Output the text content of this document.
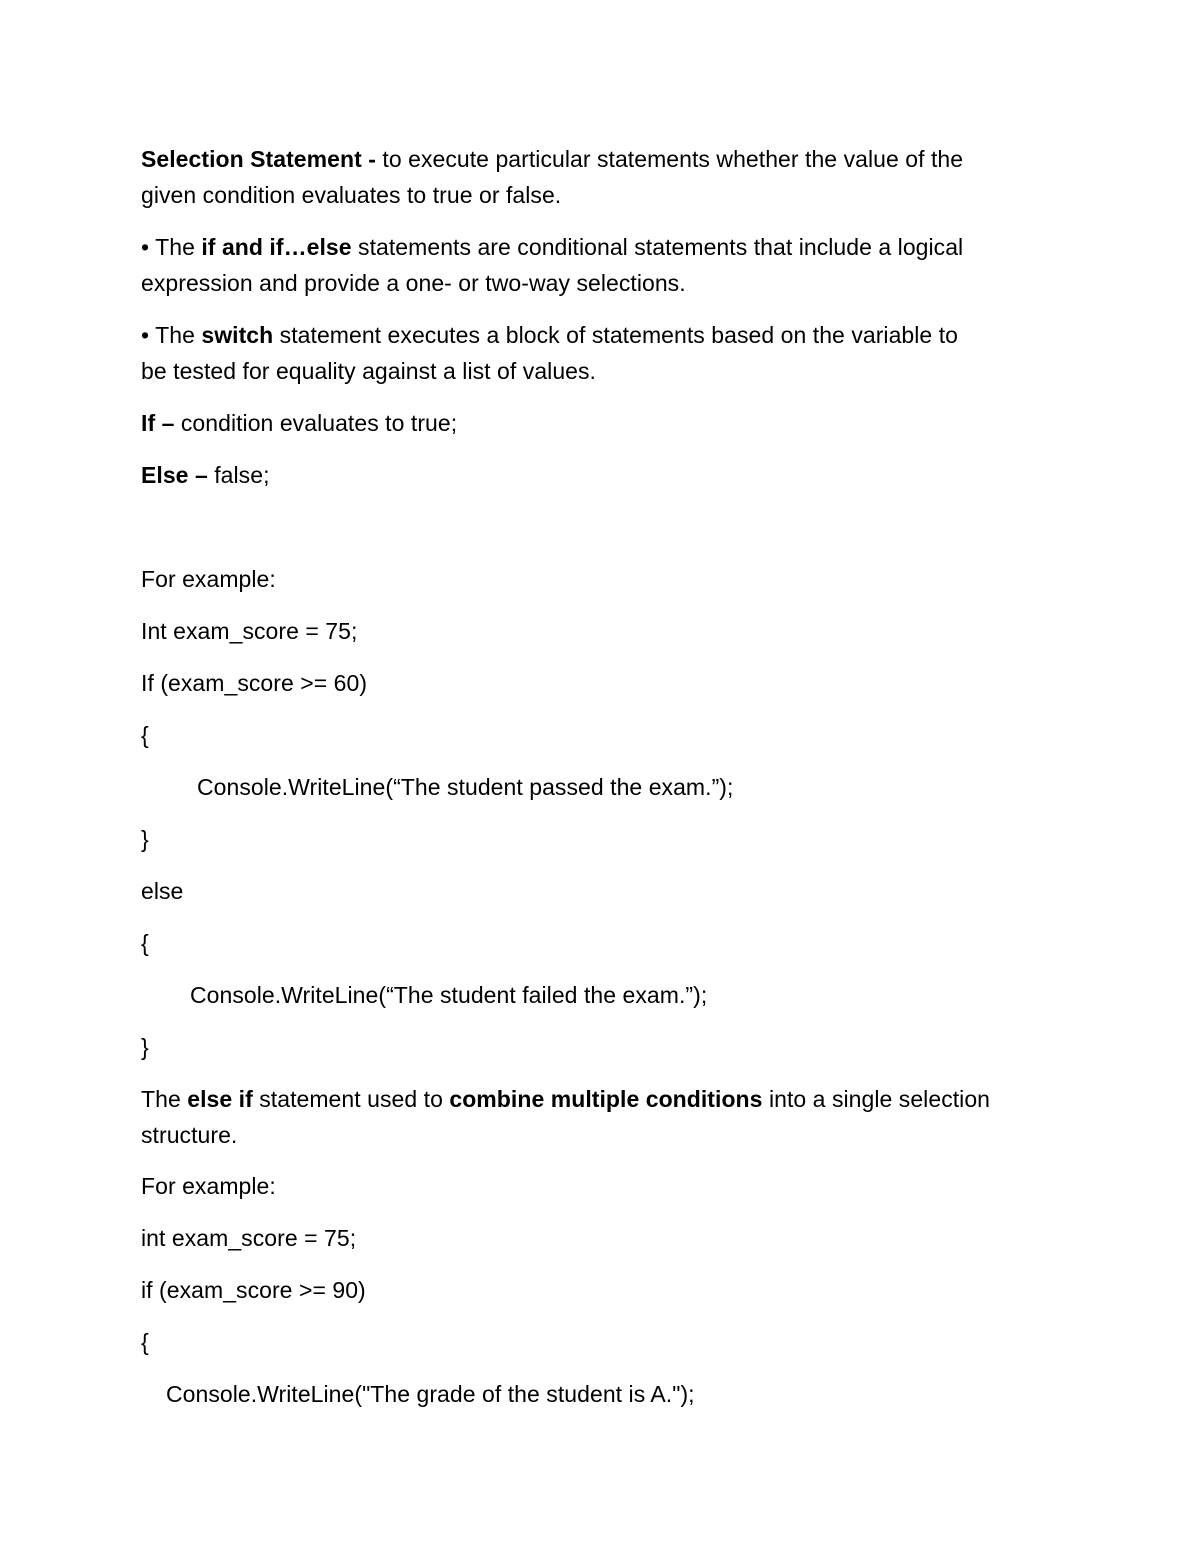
Selection Statement - to execute particular statements whether the value of the
given condition evaluates to true or false.
• The if and if…else statements are conditional statements that include a logical
expression and provide a one- or two-way selections.
• The switch statement executes a block of statements based on the variable to
be tested for equality against a list of values.
If – condition evaluates to true;
Else – false;
For example:
Int exam_score = 75;
If (exam_score >= 60)
{
Console.WriteLine(“The student passed the exam.”);
}
else
{
Console.WriteLine(“The student failed the exam.”);
}
The else if statement used to combine multiple conditions into a single selection
structure.
For example:
int exam_score = 75;
if (exam_score >= 90)
{
Console.WriteLine("The grade of the student is A.");
